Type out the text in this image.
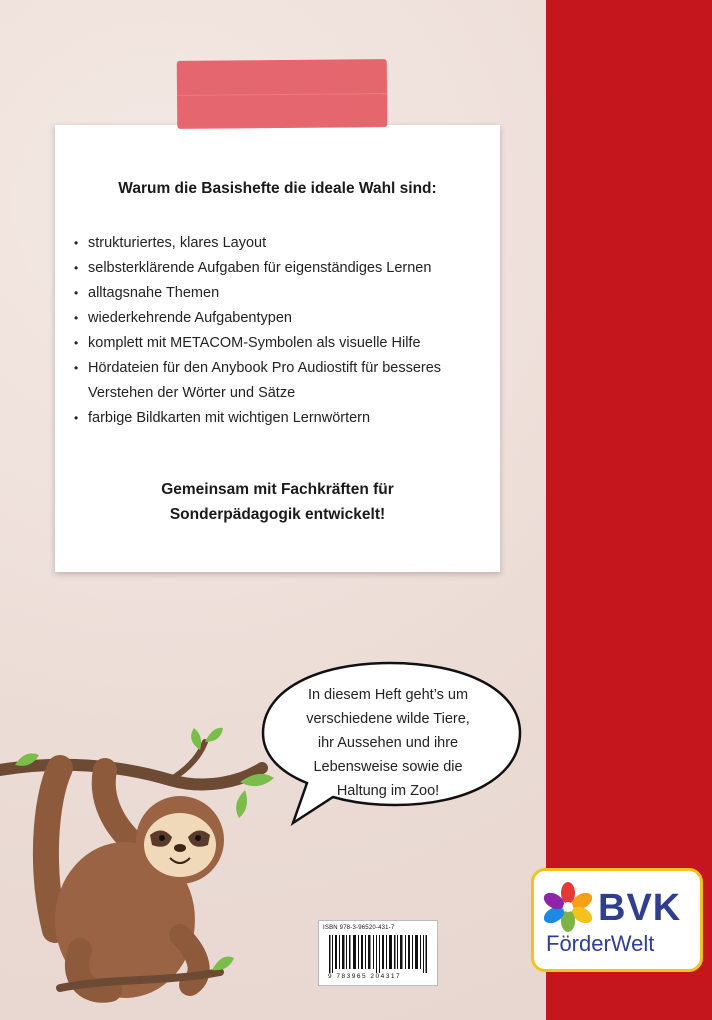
Warum die Basishefte die ideale Wahl sind:
• strukturiertes, klares Layout
• selbsterklärende Aufgaben für eigenständiges Lernen
• alltagsnahe Themen
• wiederkehrende Aufgabentypen
• komplett mit METACOM-Symbolen als visuelle Hilfe
• Hördateien für den Anybook Pro Audiostift für besseres Verstehen der Wörter und Sätze
• farbige Bildkarten mit wichtigen Lernwörtern
Gemeinsam mit Fachkräften für
Sonderpädagogik entwickelt!
In diesem Heft geht’s um
verschiedene wilde Tiere,
ihr Aussehen und ihre
Lebensweise sowie die
Haltung im Zoo!
ISBN 978-3-96520-431-7
9 783965 204317
BVK
FörderWelt
